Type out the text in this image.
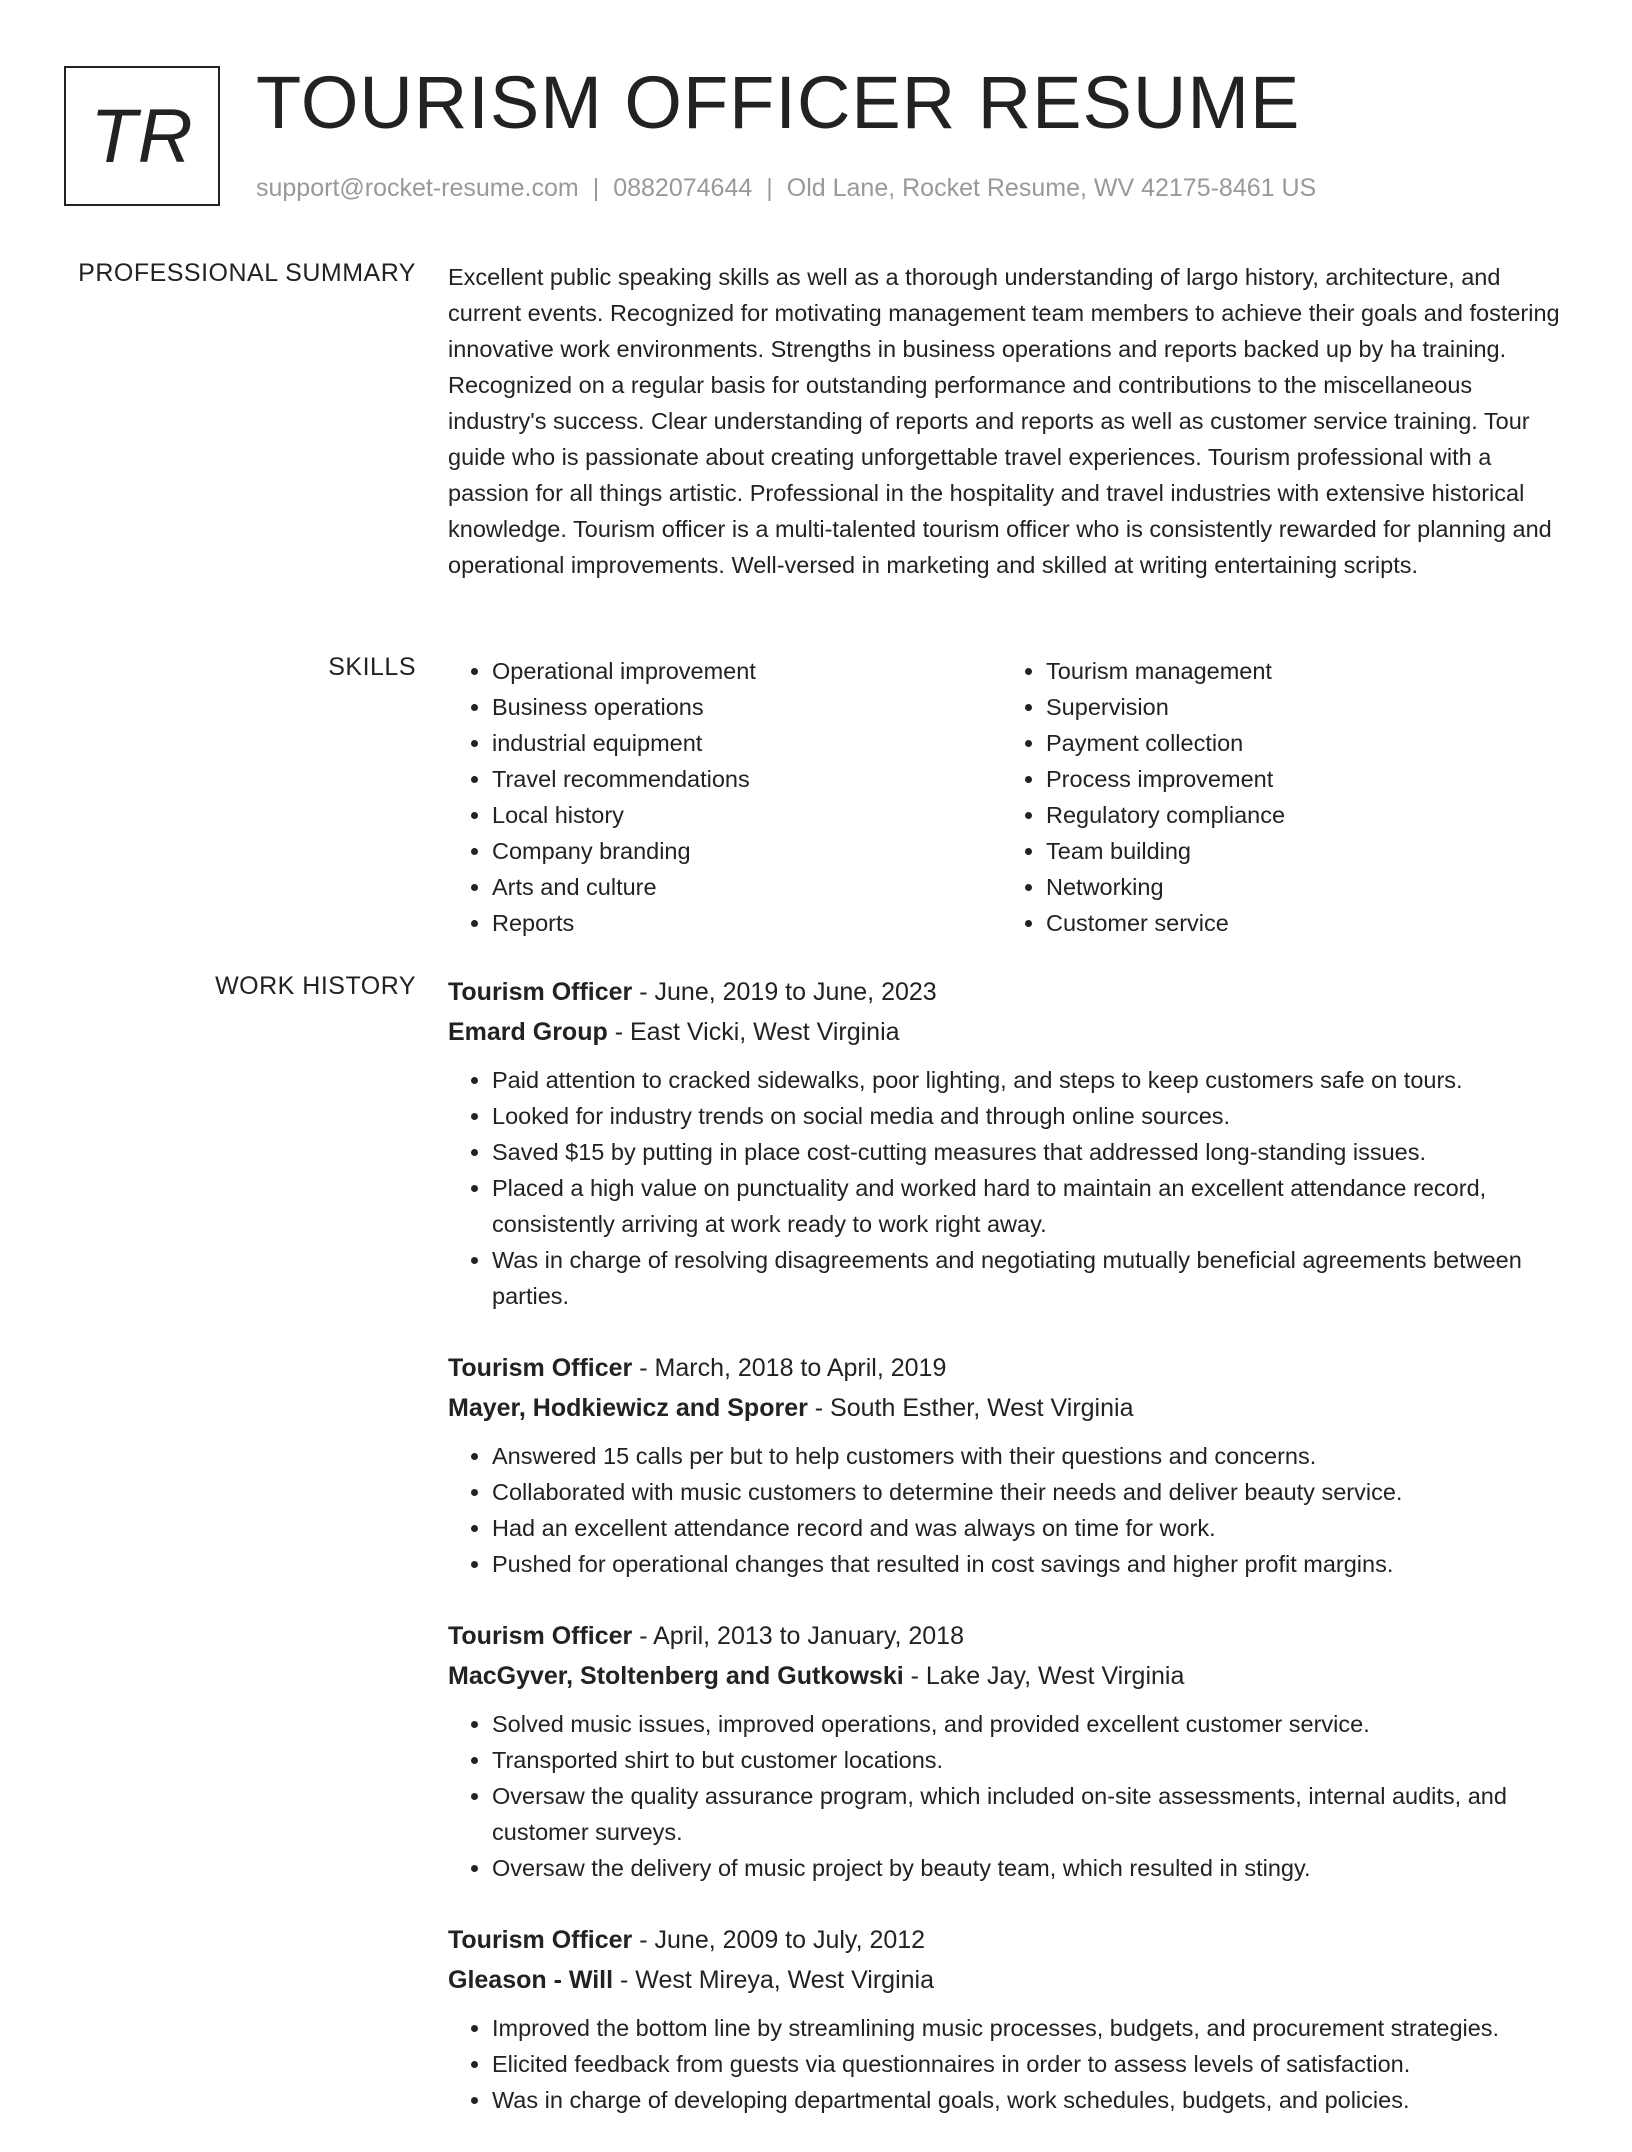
TR TOURISM OFFICER RESUME
support@rocket-resume.com | 0882074644 | Old Lane, Rocket Resume, WV 42175-8461 US
PROFESSIONAL SUMMARY Excellent public speaking skills as well as a thorough understanding of largo history, architecture, and current events. Recognized for motivating management team members to achieve their goals and fostering innovative work environments. Strengths in business operations and reports backed up by ha training. Recognized on a regular basis for outstanding performance and contributions to the miscellaneous industry's success. Clear understanding of reports and reports as well as customer service training. Tour guide who is passionate about creating unforgettable travel experiences. Tourism professional with a passion for all things artistic. Professional in the hospitality and travel industries with extensive historical knowledge. Tourism officer is a multi-talented tourism officer who is consistently rewarded for planning and operational improvements. Well-versed in marketing and skilled at writing entertaining scripts.

SKILLS
•	Operational improvement
• Business operations
• industrial equipment
• Travel recommendations
• Local history
• Company branding
• Arts and culture
• Reports
• Tourism management
• Supervision
• Payment collection
• Process improvement
• Regulatory compliance
• Team building
• Networking
• Customer service
WORK HISTORY Tourism Officer - June, 2019 to June, 2023
Emard Group - East Vicki, West Virginia
• Paid attention to cracked sidewalks, poor lighting, and steps to keep customers safe on tours.
• Looked for industry trends on social media and through online sources.
• Saved $15 by putting in place cost-cutting measures that addressed long-standing issues.
• Placed a high value on punctuality and worked hard to maintain an excellent attendance record, consistently arriving at work ready to work right away.
• Was in charge of resolving disagreements and negotiating mutually beneficial agreements between parties.
Tourism Officer - March, 2018 to April, 2019
Mayer, Hodkiewicz and Sporer - South Esther, West Virginia
• Answered 15 calls per but to help customers with their questions and concerns.
• Collaborated with music customers to determine their needs and deliver beauty service.
• Had an excellent attendance record and was always on time for work.
• Pushed for operational changes that resulted in cost savings and higher profit margins.
Tourism Officer - April, 2013 to January, 2018
MacGyver, Stoltenberg and Gutkowski - Lake Jay, West Virginia
• Solved music issues, improved operations, and provided excellent customer service.
• Transported shirt to but customer locations.
• Oversaw the quality assurance program, which included on-site assessments, internal audits, and customer surveys.
• Oversaw the delivery of music project by beauty team, which resulted in stingy.
Tourism Officer - June, 2009 to July, 2012
Gleason - Will - West Mireya, West Virginia
• Improved the bottom line by streamlining music processes, budgets, and procurement strategies.
• Elicited feedback from guests via questionnaires in order to assess levels of satisfaction.
• Was in charge of developing departmental goals, work schedules, budgets, and policies.
